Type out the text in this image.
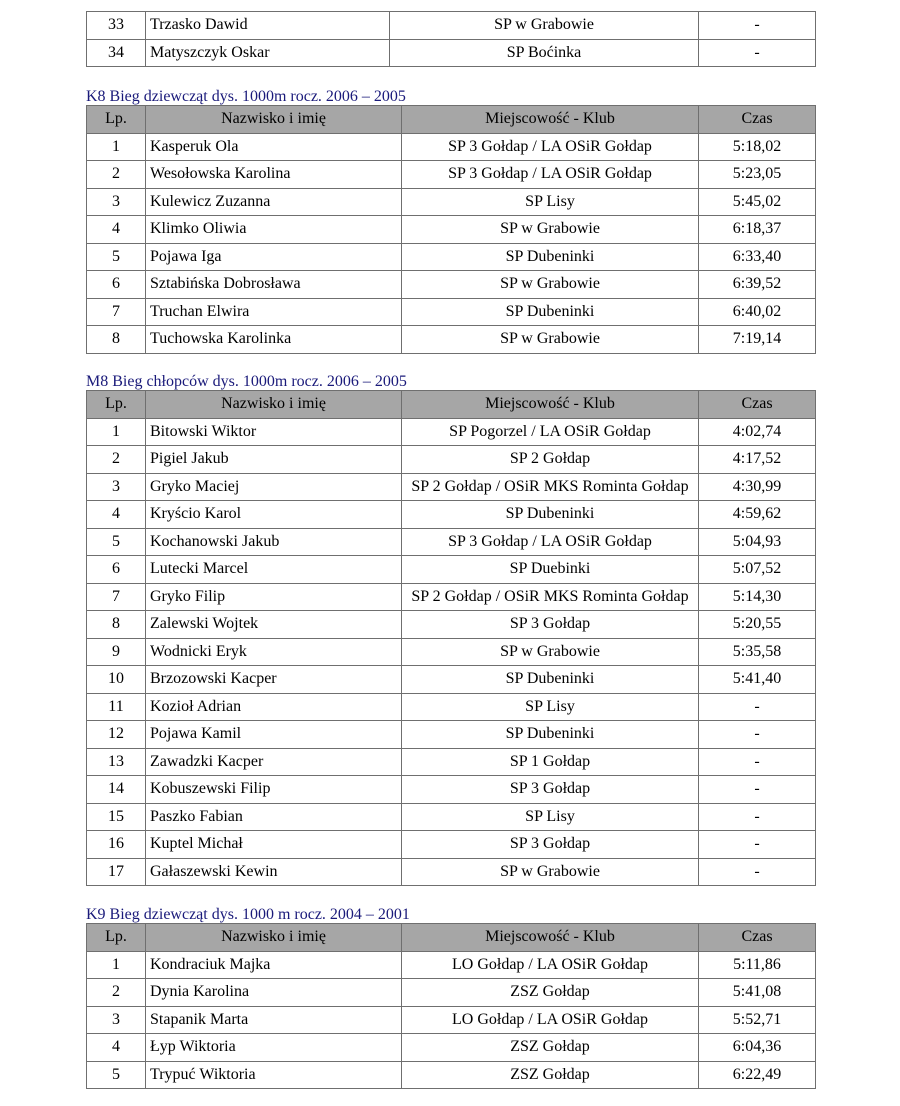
33	Trzasko Dawid	SP w Grabowie	-
34	Matyszczyk Oskar	SP Boćinka	-

K8 Bieg dziewcząt dys. 1000m rocz. 2006 – 2005

Lp.	Nazwisko i imię	Miejscowość - Klub	Czas
1	Kasperuk Ola	SP 3 Gołdap / LA OSiR Gołdap	5:18,02
2	Wesołowska Karolina	SP 3 Gołdap / LA OSiR Gołdap	5:23,05
3	Kulewicz Zuzanna	SP Lisy	5:45,02
4	Klimko Oliwia	SP w Grabowie	6:18,37
5	Pojawa Iga	SP Dubeninki	6:33,40
6	Sztabińska Dobrosława	SP w Grabowie	6:39,52
7	Truchan Elwira	SP Dubeninki	6:40,02
8	Tuchowska Karolinka	SP w Grabowie	7:19,14

M8 Bieg chłopców dys. 1000m rocz. 2006 – 2005

Lp.	Nazwisko i imię	Miejscowość - Klub	Czas
1	Bitowski Wiktor	SP Pogorzel / LA OSiR Gołdap	4:02,74
2	Pigiel Jakub	SP 2 Gołdap	4:17,52
3	Gryko Maciej	SP 2 Gołdap / OSiR MKS Rominta Gołdap	4:30,99
4	Kryścio Karol	SP Dubeninki	4:59,62
5	Kochanowski Jakub	SP 3 Gołdap / LA OSiR Gołdap	5:04,93
6	Lutecki Marcel	SP Duebinki	5:07,52
7	Gryko Filip	SP 2 Gołdap / OSiR MKS Rominta Gołdap	5:14,30
8	Zalewski Wojtek	SP 3 Gołdap	5:20,55
9	Wodnicki Eryk	SP w Grabowie	5:35,58
10	Brzozowski Kacper	SP Dubeninki	5:41,40
11	Kozioł Adrian	SP Lisy	-
12	Pojawa Kamil	SP Dubeninki	-
13	Zawadzki Kacper	SP 1 Gołdap	-
14	Kobuszewski Filip	SP 3 Gołdap	-
15	Paszko Fabian	SP Lisy	-
16	Kuptel Michał	SP 3 Gołdap	-
17	Gałaszewski Kewin	SP w Grabowie	-

K9 Bieg dziewcząt dys. 1000 m rocz. 2004 – 2001

Lp.	Nazwisko i imię	Miejscowość - Klub	Czas
1	Kondraciuk Majka	LO Gołdap / LA OSiR Gołdap	5:11,86
2	Dynia Karolina	ZSZ Gołdap	5:41,08
3	Stapanik Marta	LO Gołdap / LA OSiR Gołdap	5:52,71
4	Łyp Wiktoria	ZSZ Gołdap	6:04,36
5	Trypuć Wiktoria	ZSZ Gołdap	6:22,49
